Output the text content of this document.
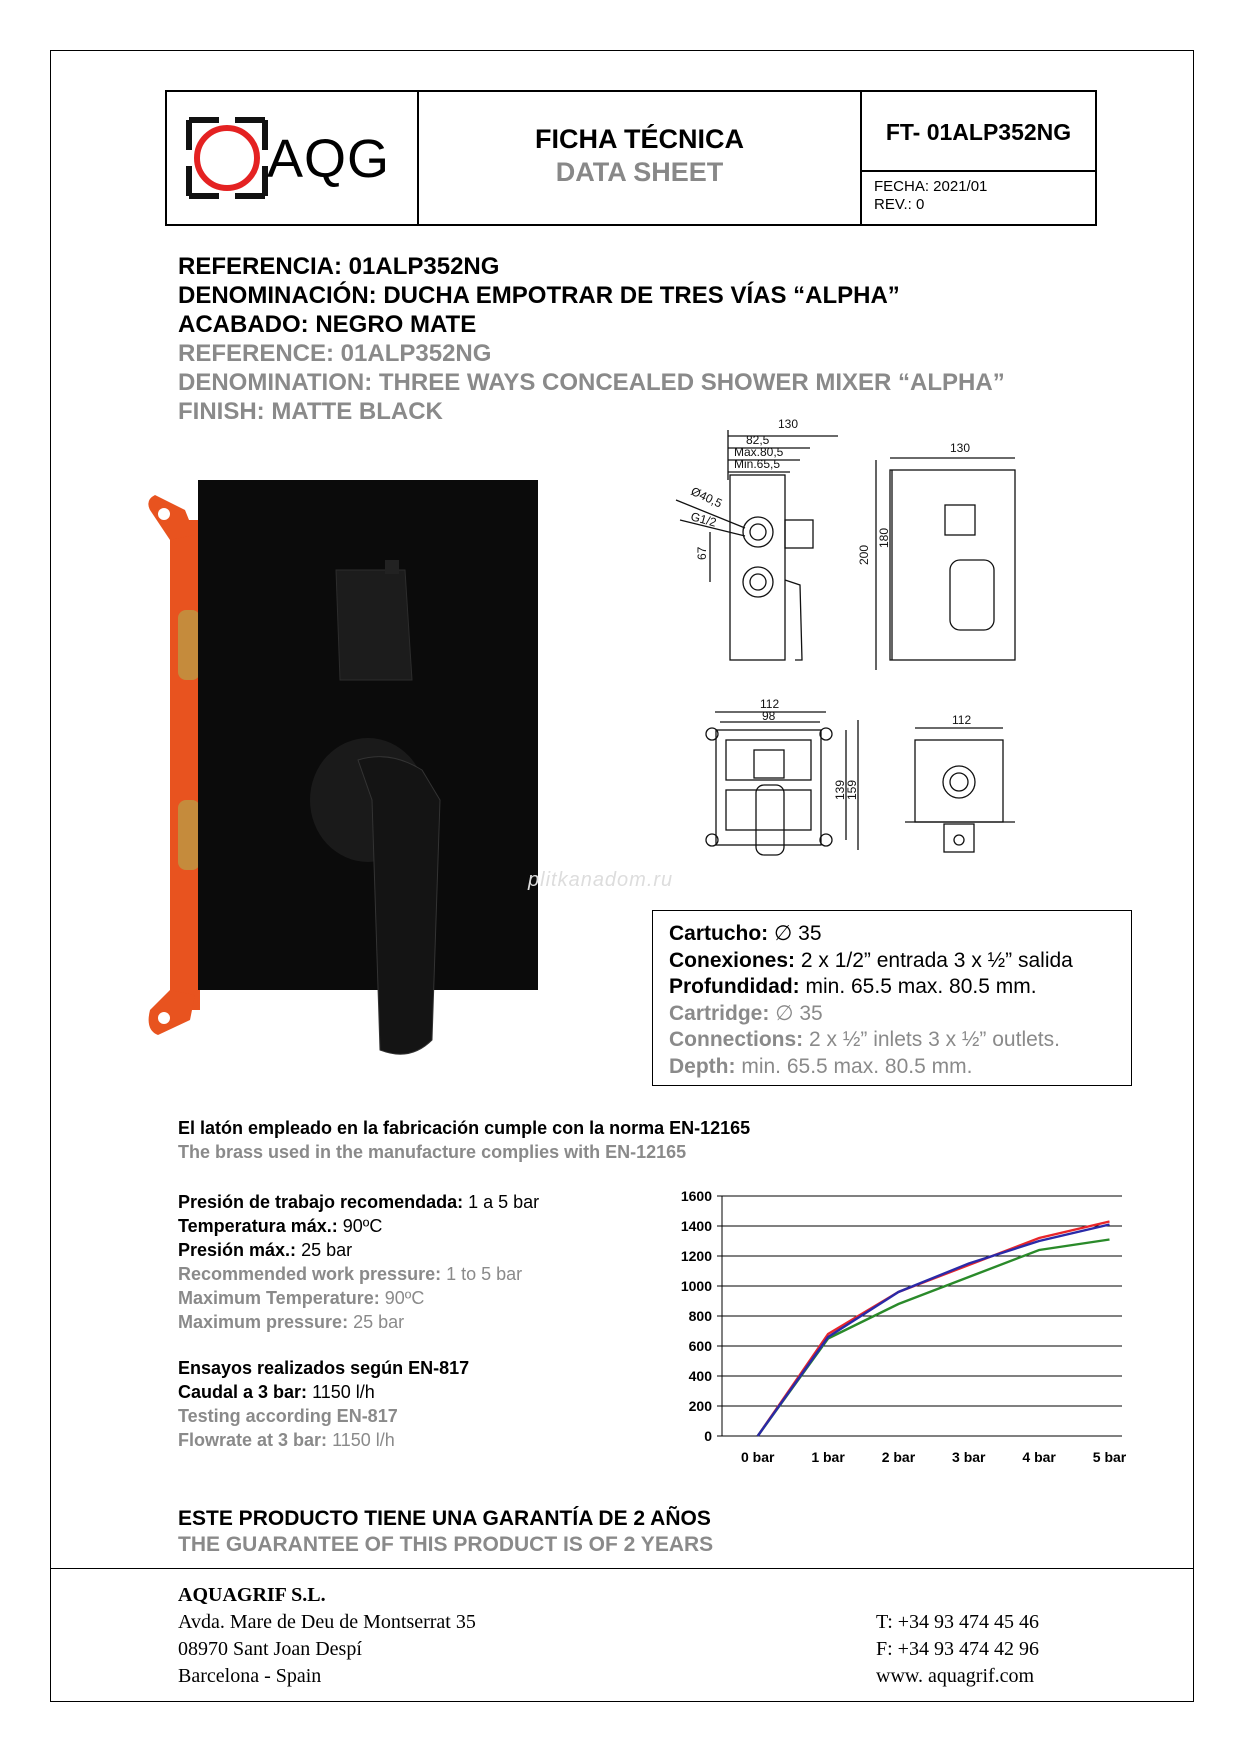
AQG	FICHA TÉCNICA
DATA SHEET
FT- 01ALP352NG
FECHA: 2021/01
REV.: 0
REFERENCIA: 01ALP352NG
DENOMINACIÓN: DUCHA EMPOTRAR DE TRES VÍAS “ALPHA”
ACABADO: NEGRO MATE
REFERENCE: 01ALP352NG
DENOMINATION: THREE WAYS CONCEALED SHOWER MIXER “ALPHA”
FINISH: MATTE BLACK	130
82,5
Max.80,5
Min.65,5
Ø40,5
G1/2
67	200
180
130
112
98
139
159
112
plitkanadom.ru
Cartucho: ∅ 35
Conexiones: 2 x 1/2” entrada 3 x ½” salida
Profundidad: min. 65.5 max. 80.5 mm.
Cartridge: ∅ 35
Connections: 2 x ½” inlets 3 x ½” outlets.
Depth: min. 65.5 max. 80.5 mm.
El latón empleado en la fabricación cumple con la norma EN-12165
The brass used in the manufacture complies with EN-12165
Presión de trabajo recomendada: 1 a 5 bar
Temperatura máx.: 90ºC
Presión máx.: 25 bar
Recommended work pressure: 1 to 5 bar
Maximum Temperature: 90ºC
Maximum pressure: 25 bar
Ensayos realizados según EN-817
Caudal a 3 bar: 1150 l/h
Testing according EN-817
Flowrate at 3 bar: 1150 l/h	0
200
400
600
800
1000
1200
1400
1600
0 bar	1 bar	2 bar	3 bar	4 bar	5 bar
ESTE PRODUCTO TIENE UNA GARANTÍA DE 2 AÑOS
THE GUARANTEE OF THIS PRODUCT IS OF 2 YEARS
AQUAGRIF S.L.
Avda. Mare de Deu de Montserrat 35
08970 Sant Joan Despí
Barcelona - Spain
T: +34 93 474 45 46
F: +34 93 474 42 96
www. aquagrif.com
